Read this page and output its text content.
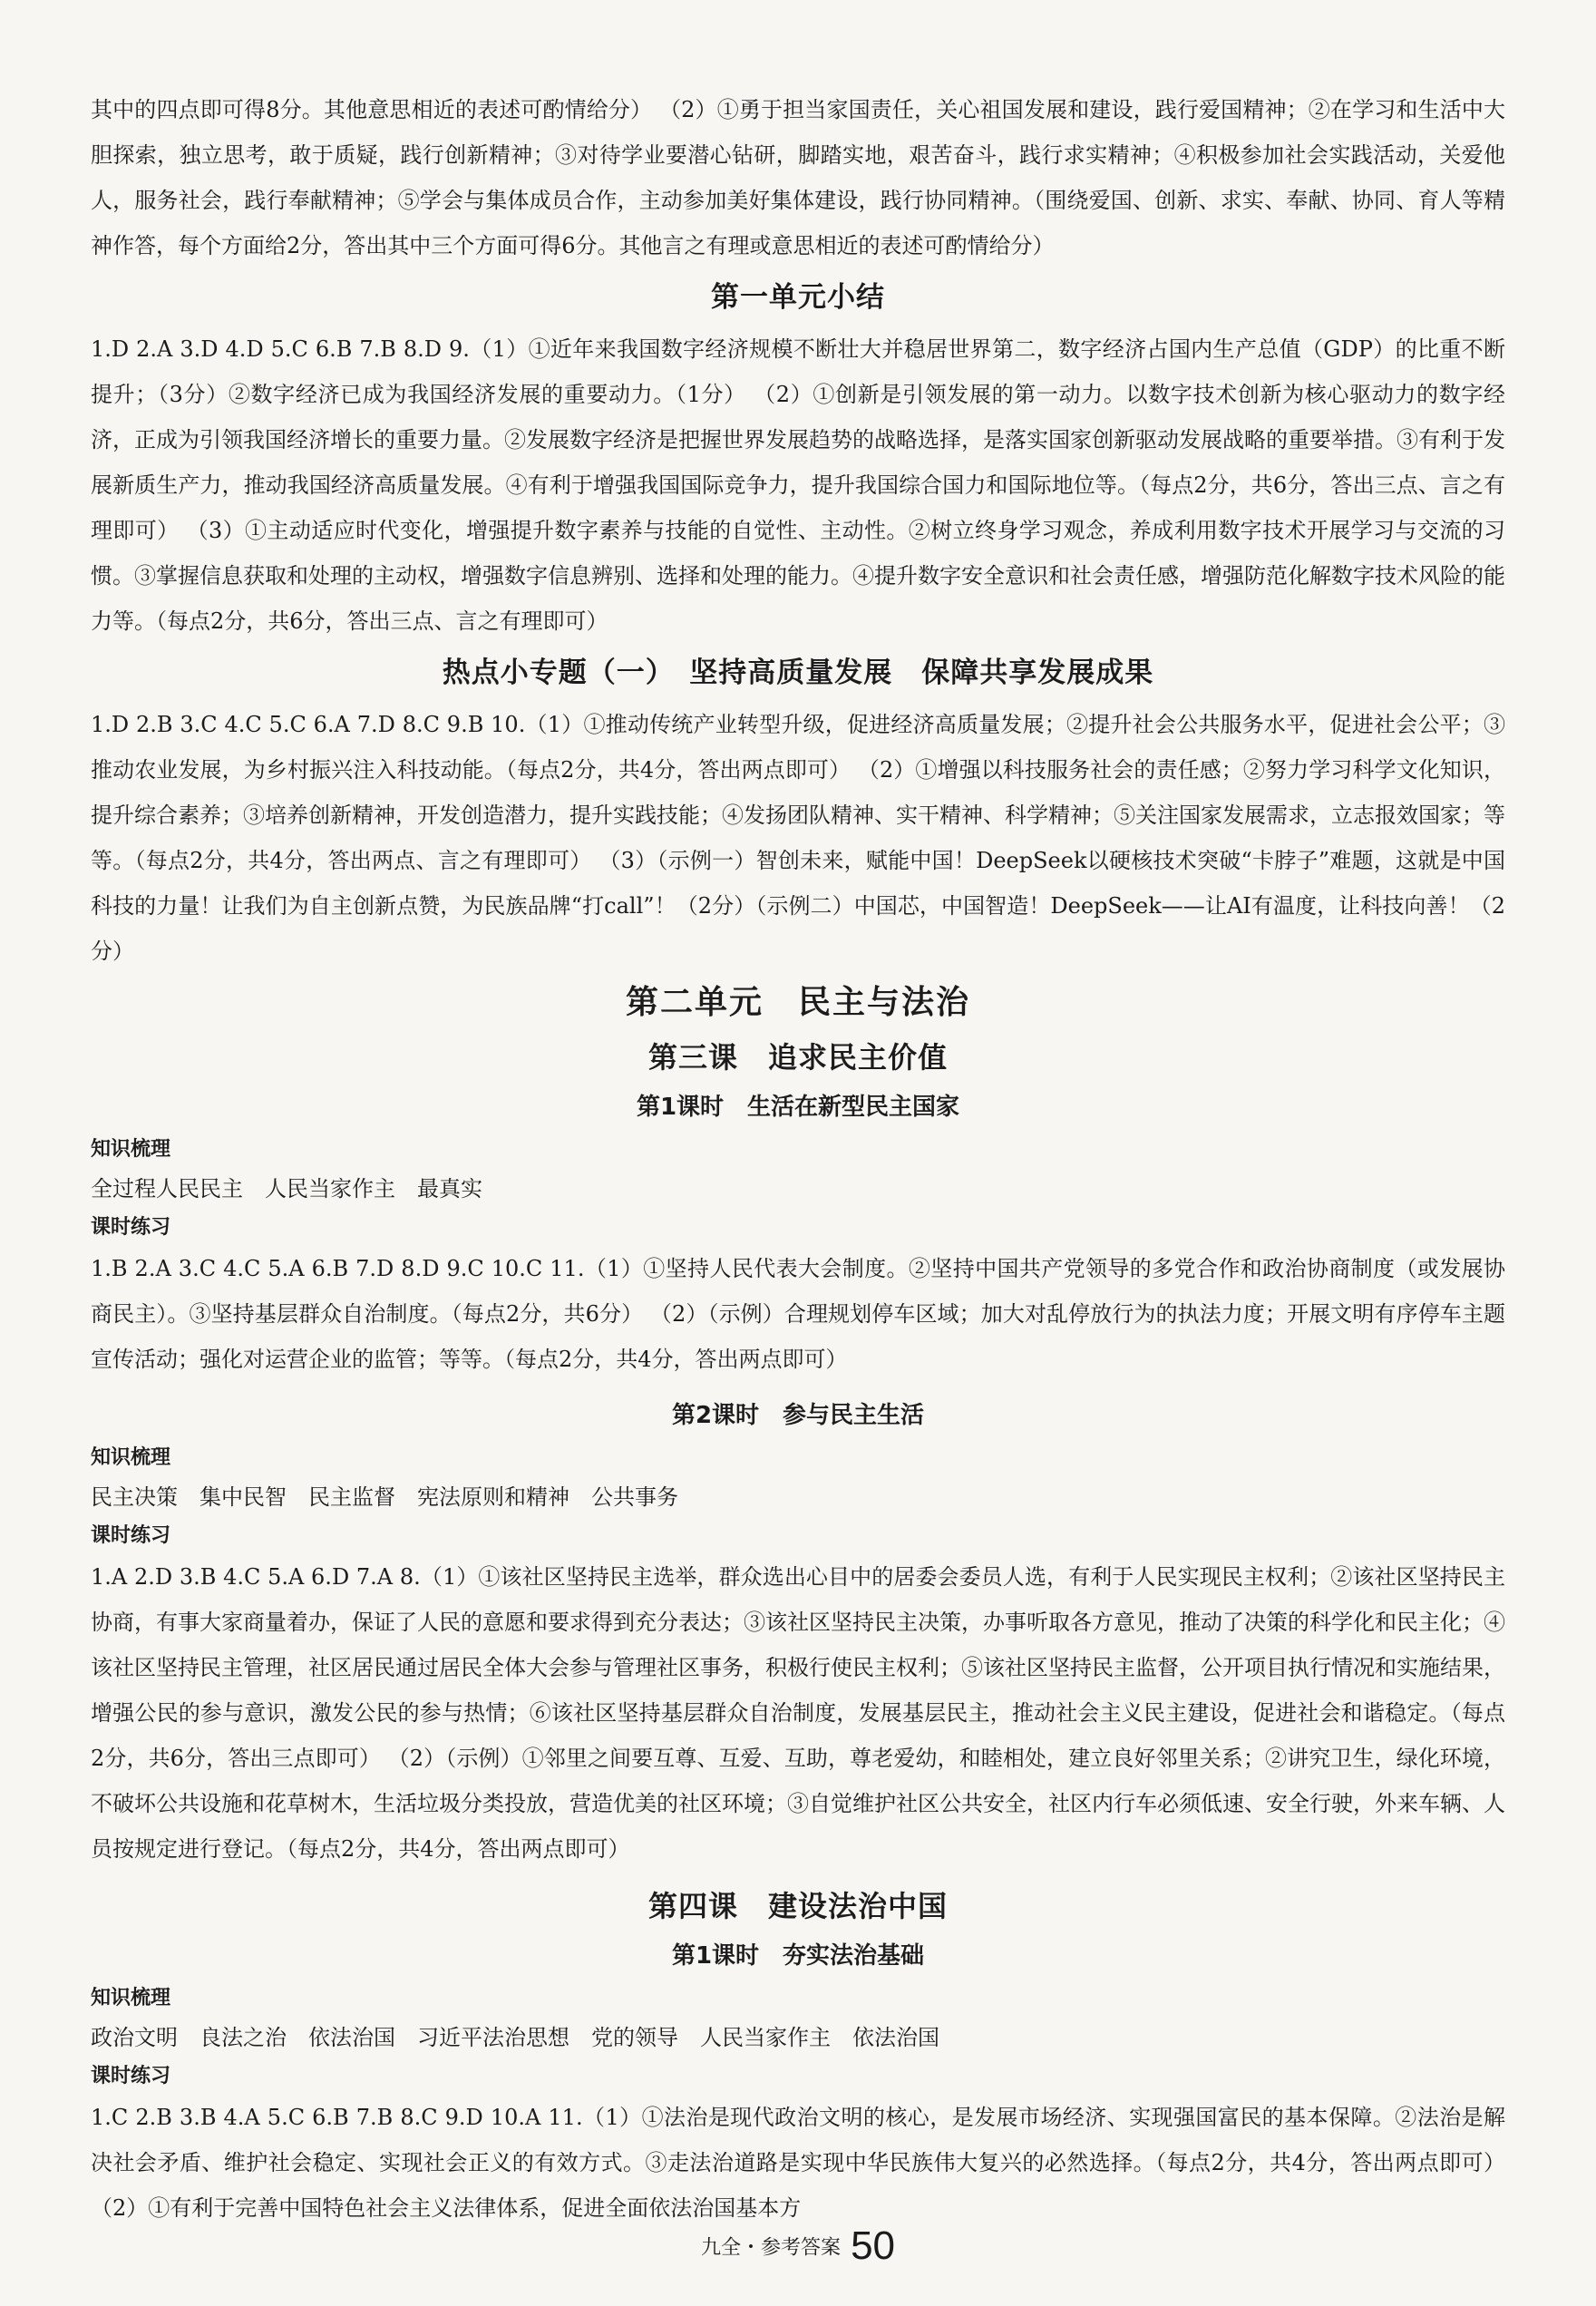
其中的四点即可得8分。其他意思相近的表述可酌情给分） （2）①勇于担当家国责任，关心祖国发展和建设，践行爱国精神；②在学习和生活中大胆探索，独立思考，敢于质疑，践行创新精神；③对待学业要潜心钻研，脚踏实地，艰苦奋斗，践行求实精神；④积极参加社会实践活动，关爱他人，服务社会，践行奉献精神；⑤学会与集体成员合作，主动参加美好集体建设，践行协同精神。（围绕爱国、创新、求实、奉献、协同、育人等精神作答，每个方面给2分，答出其中三个方面可得6分。其他言之有理或意思相近的表述可酌情给分）

第一单元小结

1.D 2.A 3.D 4.D 5.C 6.B 7.B 8.D 9.（1）①近年来我国数字经济规模不断壮大并稳居世界第二，数字经济占国内生产总值（GDP）的比重不断提升；（3分）②数字经济已成为我国经济发展的重要动力。（1分） （2）①创新是引领发展的第一动力。以数字技术创新为核心驱动力的数字经济，正成为引领我国经济增长的重要力量。②发展数字经济是把握世界发展趋势的战略选择，是落实国家创新驱动发展战略的重要举措。③有利于发展新质生产力，推动我国经济高质量发展。④有利于增强我国国际竞争力，提升我国综合国力和国际地位等。（每点2分，共6分，答出三点、言之有理即可） （3）①主动适应时代变化，增强提升数字素养与技能的自觉性、主动性。②树立终身学习观念，养成利用数字技术开展学习与交流的习惯。③掌握信息获取和处理的主动权，增强数字信息辨别、选择和处理的能力。④提升数字安全意识和社会责任感，增强防范化解数字技术风险的能力等。（每点2分，共6分，答出三点、言之有理即可）

热点小专题（一）　坚持高质量发展　保障共享发展成果

1.D 2.B 3.C 4.C 5.C 6.A 7.D 8.C 9.B 10.（1）①推动传统产业转型升级，促进经济高质量发展；②提升社会公共服务水平，促进社会公平；③推动农业发展，为乡村振兴注入科技动能。（每点2分，共4分，答出两点即可） （2）①增强以科技服务社会的责任感；②努力学习科学文化知识，提升综合素养；③培养创新精神，开发创造潜力，提升实践技能；④发扬团队精神、实干精神、科学精神；⑤关注国家发展需求，立志报效国家；等等。（每点2分，共4分，答出两点、言之有理即可） （3）（示例一）智创未来，赋能中国！DeepSeek以硬核技术突破“卡脖子”难题，这就是中国科技的力量！让我们为自主创新点赞，为民族品牌“打call”！（2分）（示例二）中国芯，中国智造！DeepSeek——让AI有温度，让科技向善！（2分）

第二单元　民主与法治
第三课　追求民主价值
第1课时　生活在新型民主国家
知识梳理

全过程人民民主　人民当家作主　最真实

课时练习

1.B 2.A 3.C 4.C 5.A 6.B 7.D 8.D 9.C 10.C 11.（1）①坚持人民代表大会制度。②坚持中国共产党领导的多党合作和政治协商制度（或发展协商民主）。③坚持基层群众自治制度。（每点2分，共6分） （2）（示例）合理规划停车区域；加大对乱停放行为的执法力度；开展文明有序停车主题宣传活动；强化对运营企业的监管；等等。（每点2分，共4分，答出两点即可）

第2课时　参与民主生活
知识梳理

民主决策　集中民智　民主监督　宪法原则和精神　公共事务

课时练习

1.A 2.D 3.B 4.C 5.A 6.D 7.A 8.（1）①该社区坚持民主选举，群众选出心目中的居委会委员人选，有利于人民实现民主权利；②该社区坚持民主协商，有事大家商量着办，保证了人民的意愿和要求得到充分表达；③该社区坚持民主决策，办事听取各方意见，推动了决策的科学化和民主化；④该社区坚持民主管理，社区居民通过居民全体大会参与管理社区事务，积极行使民主权利；⑤该社区坚持民主监督，公开项目执行情况和实施结果，增强公民的参与意识，激发公民的参与热情；⑥该社区坚持基层群众自治制度，发展基层民主，推动社会主义民主建设，促进社会和谐稳定。（每点2分，共6分，答出三点即可） （2）（示例）①邻里之间要互尊、互爱、互助，尊老爱幼，和睦相处，建立良好邻里关系；②讲究卫生，绿化环境，不破坏公共设施和花草树木，生活垃圾分类投放，营造优美的社区环境；③自觉维护社区公共安全，社区内行车必须低速、安全行驶，外来车辆、人员按规定进行登记。（每点2分，共4分，答出两点即可）

第四课　建设法治中国
第1课时　夯实法治基础
知识梳理

政治文明　良法之治　依法治国　习近平法治思想　党的领导　人民当家作主　依法治国

课时练习

1.C 2.B 3.B 4.A 5.C 6.B 7.B 8.C 9.D 10.A 11.（1）①法治是现代政治文明的核心，是发展市场经济、实现强国富民的基本保障。②法治是解决社会矛盾、维护社会稳定、实现社会正义的有效方式。③走法治道路是实现中华民族伟大复兴的必然选择。（每点2分，共4分，答出两点即可） （2）①有利于完善中国特色社会主义法律体系，促进全面依法治国基本方

九全・参考答案 50
